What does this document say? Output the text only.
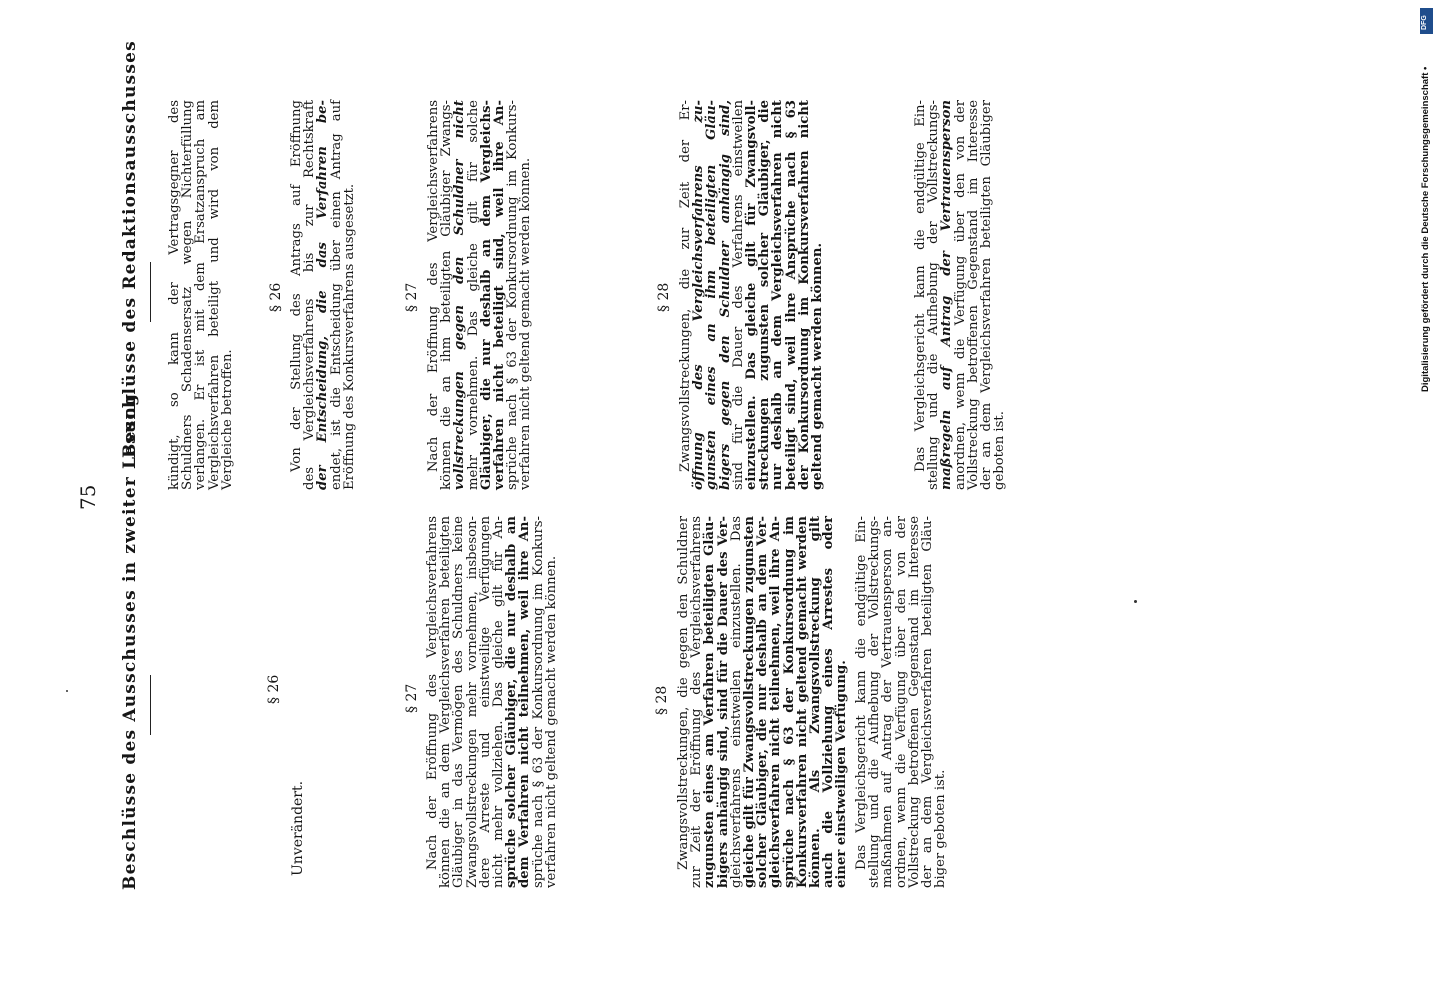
Beschlüsse des Ausschusses in zweiter Lesung
Beschlüsse des Redaktionsausschusses
75
§ 26
Unverändert.
§ 27 Nach der Eröffnung des Vergleichsverfahrens
können die an dem Vergleichsverfahren beteiligten
Gläubiger in das Vermögen des Schuldners keine
Zwangsvollstreckungen mehr vornehmen, insbeson-
dere Arreste und einstweilige Verfügungen
nicht mehr vollziehen. Das gleiche gilt für An-
sprüche solcher Gläubiger, die nur deshalb an
dem Verfahren nicht teilnehmen, weil ihre An-
sprüche nach § 63 der Konkursordnung im Konkurs-
verfahren nicht geltend gemacht werden können.	§ 28 Zwangsvollstreckungen, die gegen den Schuldner
zur Zeit der Eröffnung des Vergleichsverfahrens
zugunsten eines am Verfahren beteiligten Gläu-
bigers anhängig sind, sind für die Dauer des Ver-
gleichsverfahrens einstweilen einzustellen. Das
gleiche gilt für Zwangsvollstreckungen zugunsten
solcher Gläubiger, die nur deshalb an dem Ver-
gleichsverfahren nicht teilnehmen, weil ihre An-
sprüche nach § 63 der Konkursordnung im
Konkursverfahren nicht geltend gemacht werden
können. Als Zwangsvollstreckung gilt
auch die Vollziehung eines Arrestes oder
einer einstweiligen Verfügung. Das Vergleichsgericht kann die endgültige Ein-
stellung und die Aufhebung der Vollstreckungs-
maßnahmen auf Antrag der Vertrauensperson an-
ordnen, wenn die Verfügung über den von der
Vollstreckung betroffenen Gegenstand im Interesse
der an dem Vergleichsverfahren beteiligten Gläu-
biger geboten ist.
kündigt, so kann der Vertragsgegner des
Schuldners Schadensersatz wegen Nichterfüllung
verlangen. Er ist mit dem Ersatzanspruch am
Vergleichsverfahren beteiligt und wird von dem
Vergleiche betroffen.
§ 26 Von der Stellung des Antrags auf Eröffnung
des Vergleichsverfahrens bis zur Rechtskraft
der Entscheidung, die das Verfahren be-
endet, ist die Entscheidung über einen Antrag auf
Eröffnung des Konkursverfahrens ausgesetzt.	§ 27 Nach der Eröffnung des Vergleichsverfahrens
können die an ihm beteiligten Gläubiger Zwangs-
vollstreckungen gegen den Schuldner nicht
mehr vornehmen. Das gleiche gilt für solche
Gläubiger, die nur deshalb an dem Vergleichs-
verfahren nicht beteiligt sind, weil ihre An-
sprüche nach § 63 der Konkursordnung im Konkurs-
verfahren nicht geltend gemacht werden können.	§ 28 Zwangsvollstreckungen, die zur Zeit der Er-
öffnung des Vergleichsverfahrens zu-
gunsten eines an ihm beteiligten Gläu-
bigers gegen den Schuldner anhängig sind,
sind für die Dauer des Verfahrens einstweilen
einzustellen. Das gleiche gilt für Zwangsvoll-
streckungen zugunsten solcher Gläubiger, die
nur deshalb an dem Vergleichsverfahren nicht
beteiligt sind, weil ihre Ansprüche nach § 63
der Konkursordnung im Konkursverfahren nicht
geltend gemacht werden können.	Das Vergleichsgericht kann die endgültige Ein-
stellung und die Aufhebung der Vollstreckungs-
maßregeln auf Antrag der Vertrauensperson
anordnen, wenn die Verfügung über den von der
Vollstreckung betroffenen Gegenstand im Interesse
der an dem Vergleichsverfahren beteiligten Gläubiger
geboten ist.
DFG
Digitalisierung gefördert durch die Deutsche Forschungsgemeinschaft •
